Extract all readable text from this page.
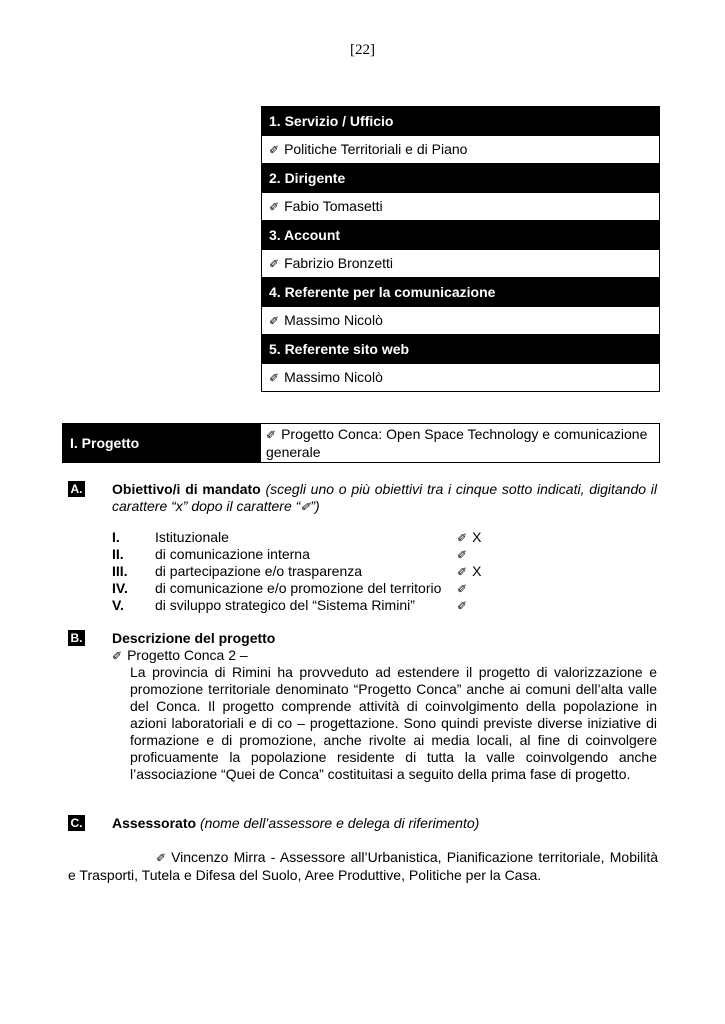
[22]
1. Servizio / Ufficio
✐ Politiche Territoriali e di Piano
2. Dirigente
✐ Fabio Tomasetti
3. Account
✐ Fabrizio Bronzetti
4. Referente per la comunicazione
✐ Massimo Nicolò
5. Referente sito web
✐ Massimo Nicolò
I. Progetto	✐ Progetto Conca: Open Space Technology e comunicazione generale
A. Obiettivo/i di mandato (scegli uno o più obiettivi tra i cinque sotto indicati, digitando il carattere “x” dopo il carattere “✐”)
I.	Istituzionale	✐ X
II. di comunicazione interna	✐
III. di partecipazione e/o trasparenza	✐ X
IV. di comunicazione e/o promozione del territorio ✐
V. di sviluppo strategico del “Sistema Rimini”	✐
B. Descrizione del progetto
✐ Progetto Conca 2 –
La provincia di Rimini ha provveduto ad estendere il progetto di valorizzazione e promozione territoriale denominato “Progetto Conca” anche ai comuni dell’alta valle del Conca. Il progetto comprende attività di coinvolgimento della popolazione in azioni laboratoriali e di co – progettazione. Sono quindi previste diverse iniziative di formazione e di promozione, anche rivolte ai media locali, al fine di coinvolgere proficuamente la popolazione residente di tutta la valle coinvolgendo anche l’associazione “Quei de Conca” costituitasi a seguito della prima fase di progetto.
C. Assessorato (nome dell’assessore e delega di riferimento)
✐ Vincenzo Mirra - Assessore all’Urbanistica, Pianificazione territoriale, Mobilità e Trasporti, Tutela e Difesa del Suolo, Aree Produttive, Politiche per la Casa.
